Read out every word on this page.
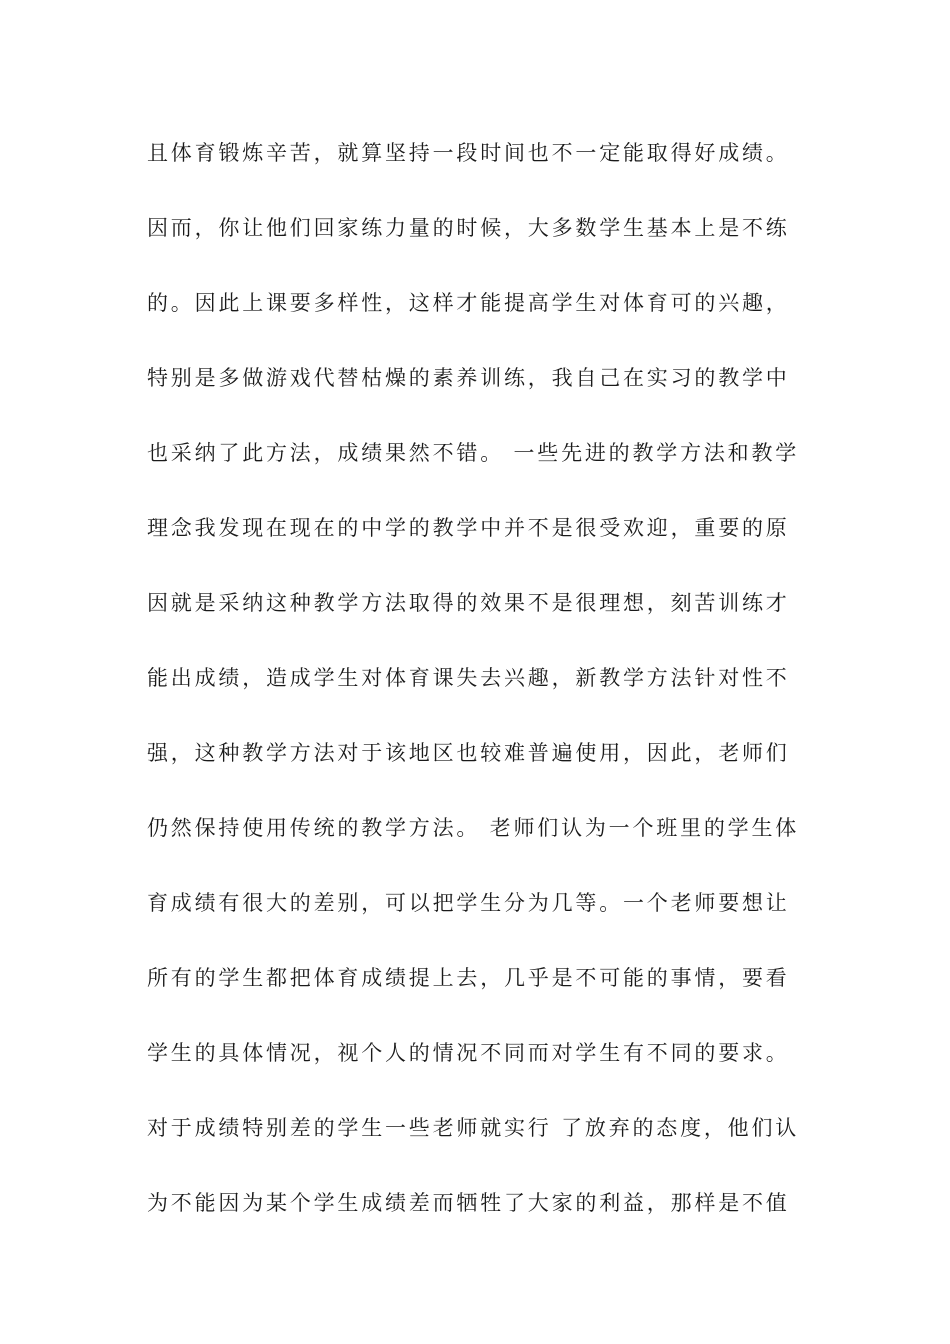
且体育锻炼辛苦，就算坚持一段时间也不一定能取得好成绩。
因而，你让他们回家练力量的时候，大多数学生基本上是不练
的。因此上课要多样性，这样才能提高学生对体育可的兴趣，
特别是多做游戏代替枯燥的素养训练，我自己在实习的教学中
也采纳了此方法，成绩果然不错。 一些先进的教学方法和教学
理念我发现在现在的中学的教学中并不是很受欢迎，重要的原
因就是采纳这种教学方法取得的效果不是很理想，刻苦训练才
能出成绩，造成学生对体育课失去兴趣，新教学方法针对性不
强，这种教学方法对于该地区也较难普遍使用，因此，老师们
仍然保持使用传统的教学方法。 老师们认为一个班里的学生体
育成绩有很大的差别，可以把学生分为几等。一个老师要想让
所有的学生都把体育成绩提上去，几乎是不可能的事情，要看
学生的具体情况，视个人的情况不同而对学生有不同的要求。
对于成绩特别差的学生一些老师就实行 了放弃的态度，他们认
为不能因为某个学生成绩差而牺牲了大家的利益，那样是不值
